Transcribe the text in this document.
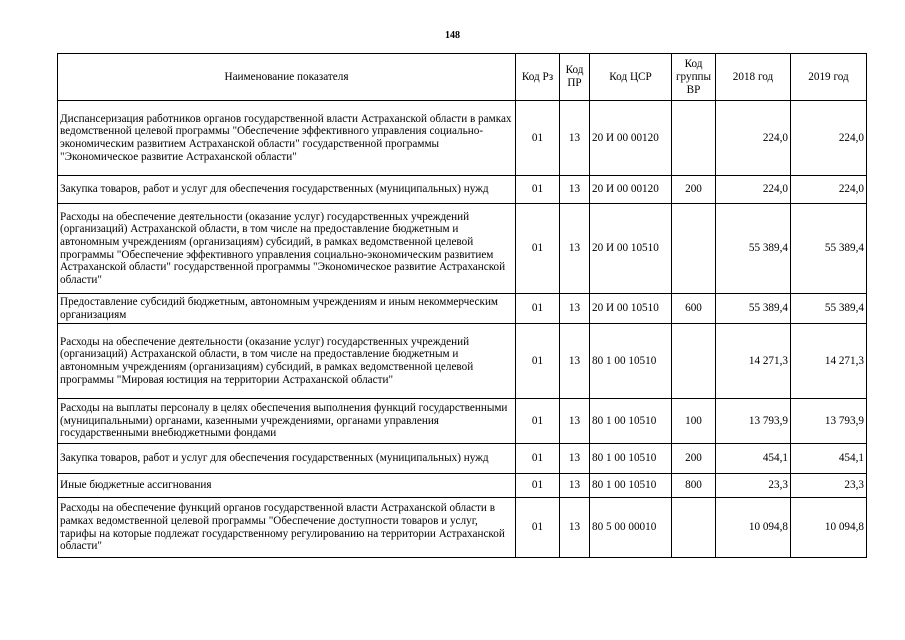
148
Наименование показателя	Код Рз	Код ПР	Код ЦСР	Код группы ВР	2018 год	2019 год
Диспансеризация работников органов государственной власти Астраханской области в рамках ведомственной целевой программы "Обеспечение эффективного управления социально-экономическим развитием Астраханской области" государственной программы "Экономическое развитие Астраханской области"	01	13	20 И 00 00120		224,0	224,0
Закупка товаров, работ и услуг для обеспечения государственных (муниципальных) нужд	01	13	20 И 00 00120	200	224,0	224,0
Расходы на обеспечение деятельности (оказание услуг) государственных учреждений (организаций) Астраханской области, в том числе на предоставление бюджетным и автономным учреждениям (организациям) субсидий, в рамках ведомственной целевой программы "Обеспечение эффективного управления социально-экономическим развитием Астраханской области" государственной программы "Экономическое развитие Астраханской области"	01	13	20 И 00 10510		55 389,4	55 389,4
Предоставление субсидий бюджетным, автономным учреждениям и иным некоммерческим организациям	01	13	20 И 00 10510	600	55 389,4	55 389,4
Расходы на обеспечение деятельности (оказание услуг) государственных учреждений (организаций) Астраханской области, в том числе на предоставление бюджетным и автономным учреждениям (организациям) субсидий, в рамках ведомственной целевой программы "Мировая юстиция на территории Астраханской области"	01	13	80 1 00 10510		14 271,3	14 271,3
Расходы на выплаты персоналу в целях обеспечения выполнения функций государственными (муниципальными) органами, казенными учреждениями, органами управления государственными внебюджетными фондами	01	13	80 1 00 10510	100	13 793,9	13 793,9
Закупка товаров, работ и услуг для обеспечения государственных (муниципальных) нужд	01	13	80 1 00 10510	200	454,1	454,1
Иные бюджетные ассигнования	01	13	80 1 00 10510	800	23,3	23,3
Расходы на обеспечение функций органов государственной власти Астраханской области в рамках ведомственной целевой программы "Обеспечение доступности товаров и услуг, тарифы на которые подлежат государственному регулированию на территории Астраханской области"	01	13	80 5 00 00010		10 094,8	10 094,8
